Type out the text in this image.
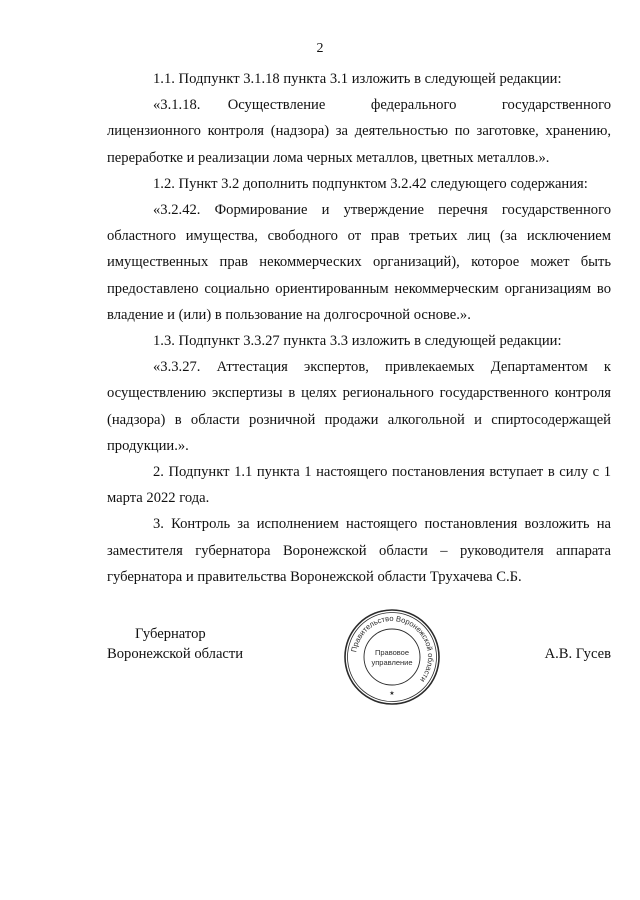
2

1.1. Подпункт 3.1.18 пункта 3.1 изложить в следующей редакции:

«3.1.18.      Осуществление          федерального          государственного лицензионного контроля (надзора) за деятельностью по заготовке, хранению, переработке и реализации лома черных металлов, цветных металлов.».

1.2. Пункт 3.2 дополнить подпунктом 3.2.42 следующего содержания:

«3.2.42. Формирование и утверждение перечня государственного областного имущества, свободного от прав третьих лиц (за исключением имущественных прав некоммерческих организаций), которое может быть предоставлено социально ориентированным некоммерческим организациям во владение и (или) в пользование на долгосрочной основе.».

1.3. Подпункт 3.3.27 пункта 3.3 изложить в следующей редакции:

«3.3.27. Аттестация экспертов, привлекаемых Департаментом к осуществлению экспертизы в целях регионального государственного контроля (надзора) в области розничной продажи алкогольной и спиртосодержащей продукции.».

2. Подпункт 1.1 пункта 1 настоящего постановления вступает в силу с 1 марта 2022 года.

3. Контроль за исполнением настоящего постановления возложить на заместителя губернатора Воронежской области – руководителя аппарата губернатора и правительства Воронежской области Трухачева С.Б.

Губернатор
Воронежской области	Правительство Воронежской области
Правовое
управление
★
А.В. Гусев
